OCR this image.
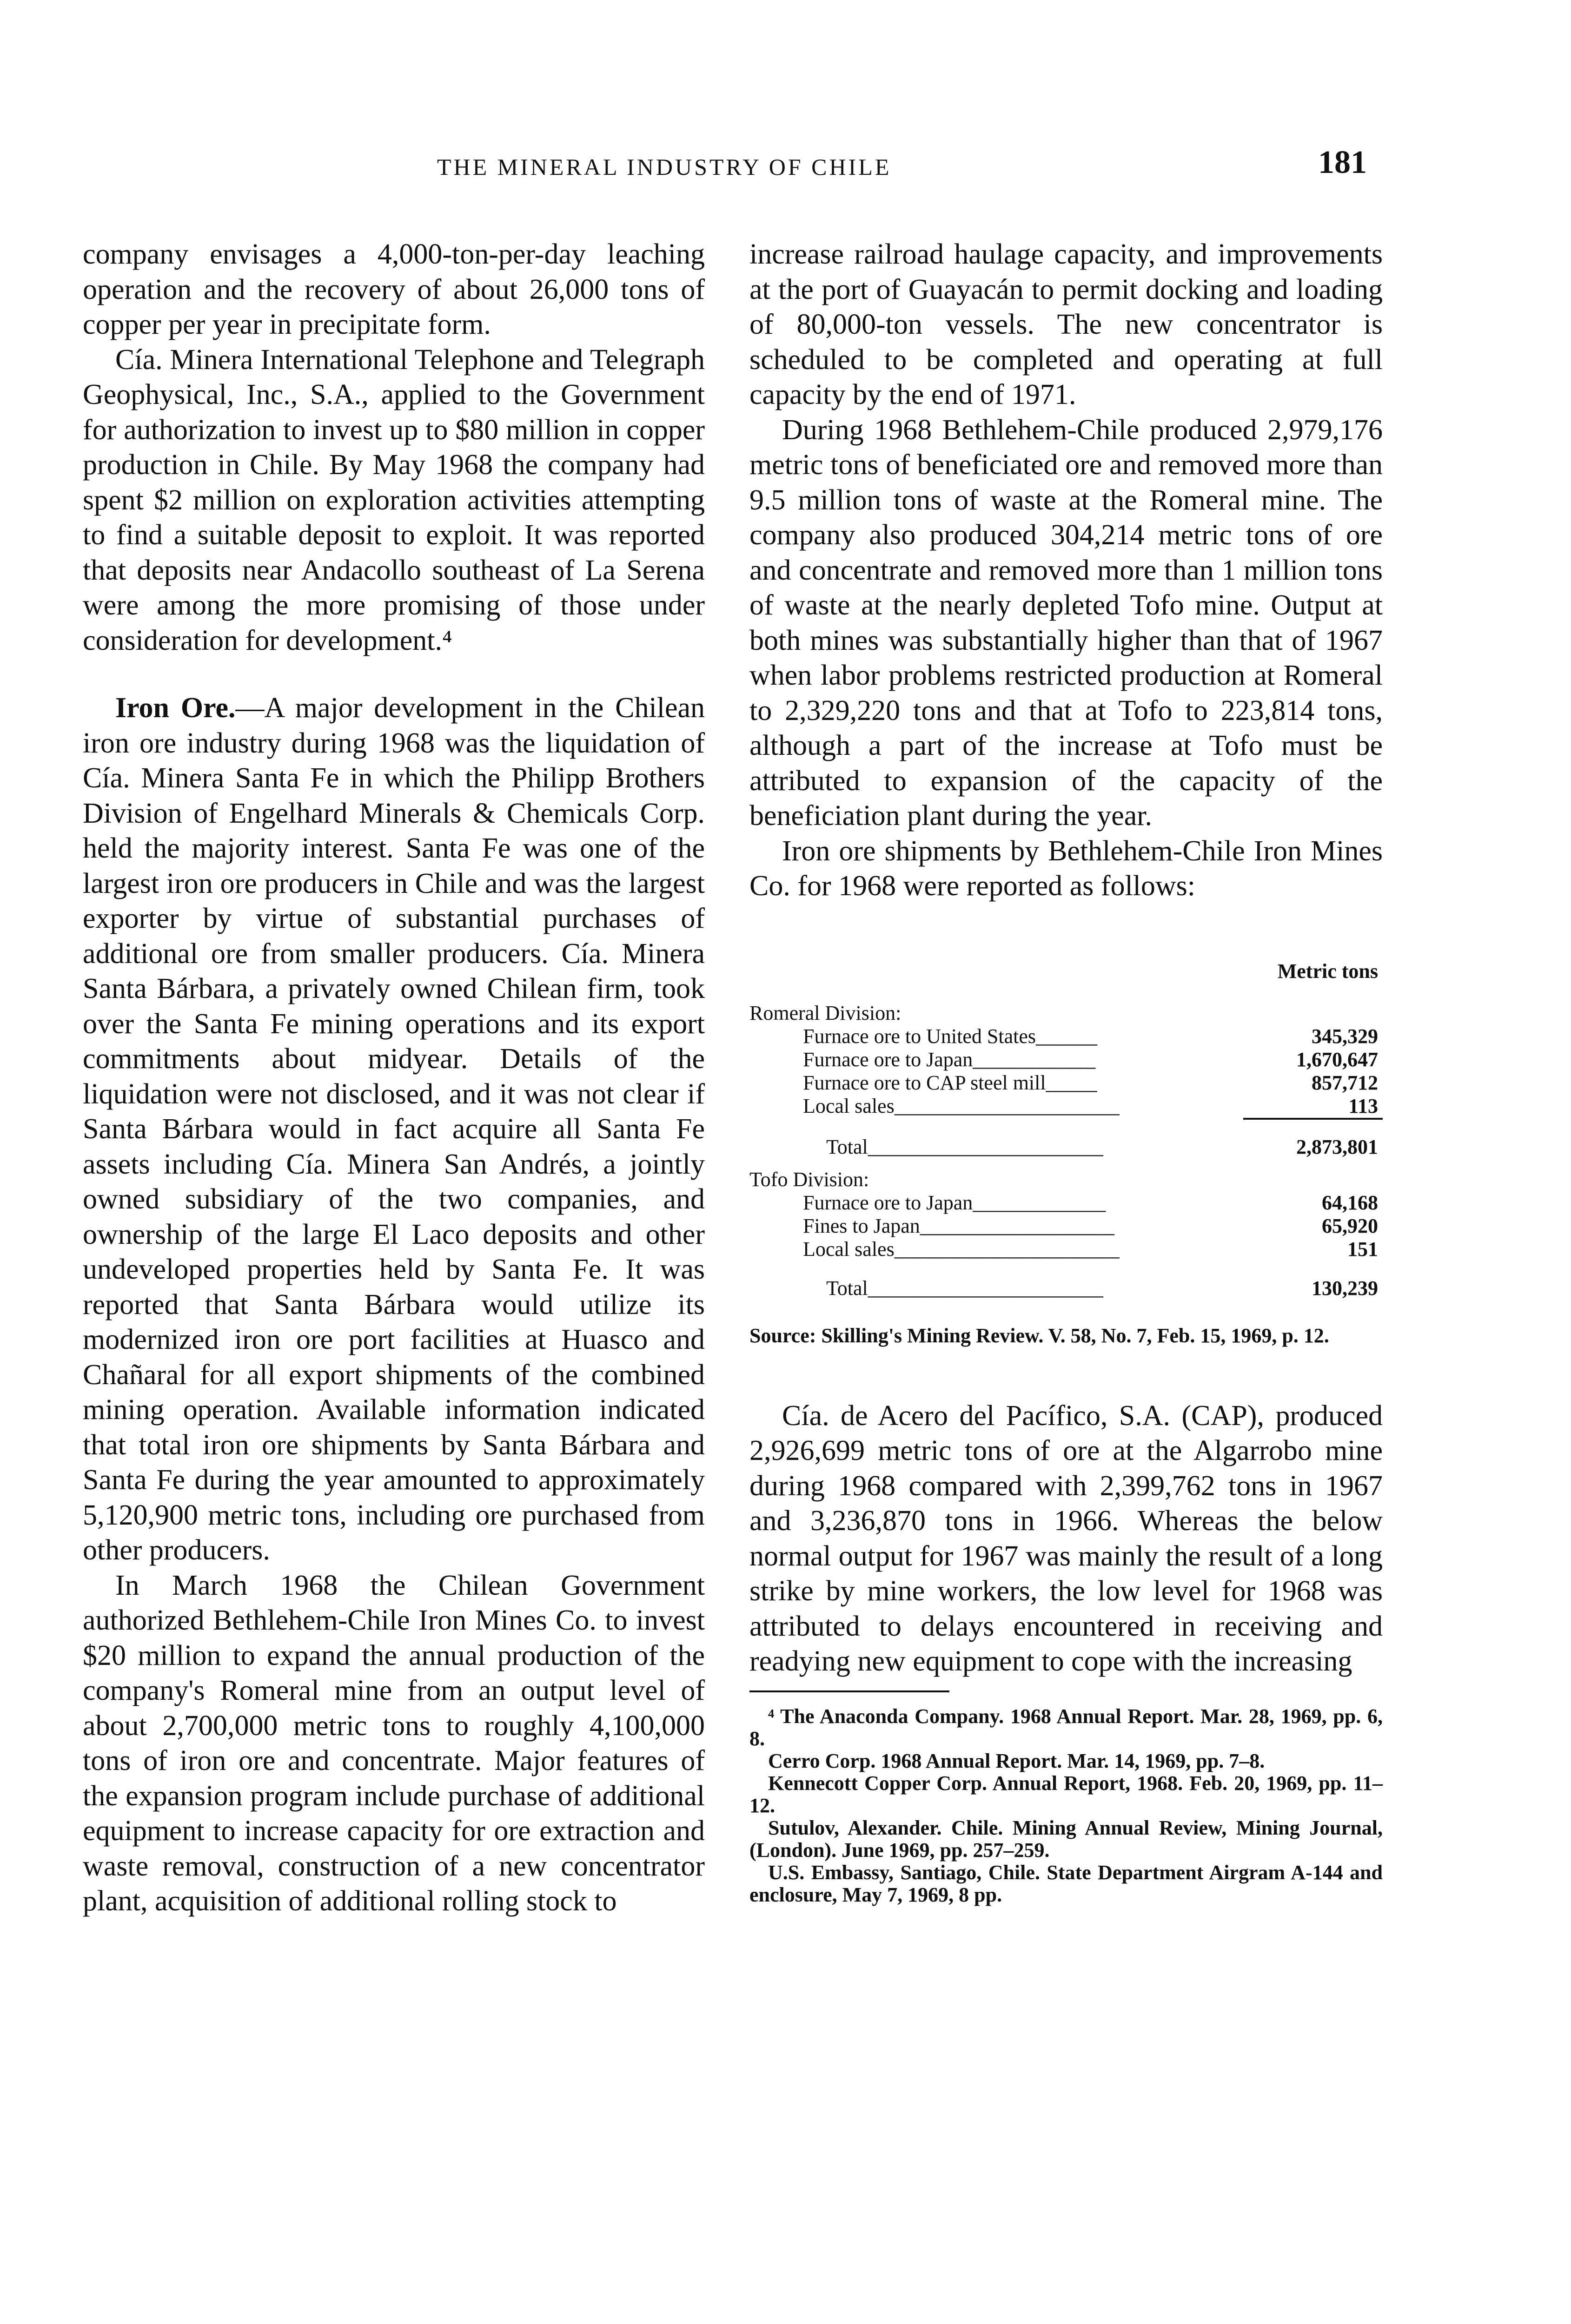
THE MINERAL INDUSTRY OF CHILE	181

company envisages a 4,000-ton-per-day leaching operation and the recovery of about 26,000 tons of copper per year in precipitate form.

Cía. Minera International Telephone and Telegraph Geophysical, Inc., S.A., applied to the Government for authorization to invest up to $80 million in copper production in Chile. By May 1968 the company had spent $2 million on exploration activities attempting to find a suitable deposit to exploit. It was reported that deposits near Andacollo southeast of La Serena were among the more promising of those under consideration for development.⁴

Iron Ore.—A major development in the Chilean iron ore industry during 1968 was the liquidation of Cía. Minera Santa Fe in which the Philipp Brothers Division of Engelhard Minerals & Chemicals Corp. held the majority interest. Santa Fe was one of the largest iron ore producers in Chile and was the largest exporter by virtue of substantial purchases of additional ore from smaller producers. Cía. Minera Santa Bárbara, a privately owned Chilean firm, took over the Santa Fe mining operations and its export commitments about midyear. Details of the liquidation were not disclosed, and it was not clear if Santa Bárbara would in fact acquire all Santa Fe assets including Cía. Minera San Andrés, a jointly owned subsidiary of the two companies, and ownership of the large El Laco deposits and other undeveloped properties held by Santa Fe. It was reported that Santa Bárbara would utilize its modernized iron ore port facilities at Huasco and Chañaral for all export shipments of the combined mining operation. Available information indicated that total iron ore shipments by Santa Bárbara and Santa Fe during the year amounted to approximately 5,120,900 metric tons, including ore purchased from other producers.

In March 1968 the Chilean Government authorized Bethlehem-Chile Iron Mines Co. to invest $20 million to expand the annual production of the company's Romeral mine from an output level of about 2,700,000 metric tons to roughly 4,100,000 tons of iron ore and concentrate. Major features of the expansion program include purchase of additional equipment to increase capacity for ore extraction and waste removal, construction of a new concentrator plant, acquisition of additional rolling stock to

increase railroad haulage capacity, and improvements at the port of Guayacán to permit docking and loading of 80,000-ton vessels. The new concentrator is scheduled to be completed and operating at full capacity by the end of 1971.

During 1968 Bethlehem-Chile produced 2,979,176 metric tons of beneficiated ore and removed more than 9.5 million tons of waste at the Romeral mine. The company also produced 304,214 metric tons of ore and concentrate and removed more than 1 million tons of waste at the nearly depleted Tofo mine. Output at both mines was substantially higher than that of 1967 when labor problems restricted production at Romeral to 2,329,220 tons and that at Tofo to 223,814 tons, although a part of the increase at Tofo must be attributed to expansion of the capacity of the beneficiation plant during the year.

Iron ore shipments by Bethlehem-Chile Iron Mines Co. for 1968 were reported as follows:

Metric tons
Romeral Division:
Furnace ore to United States______	345,329
Furnace ore to Japan____________	1,670,647
Furnace ore to CAP steel mill_____	857,712
Local sales______________________	113
Total_______________________	2,873,801
Tofo Division:
Furnace ore to Japan_____________	64,168
Fines to Japan___________________	65,920
Local sales______________________	151
Total_______________________	130,239
Source: Skilling's Mining Review. V. 58, No. 7, Feb. 15, 1969, p. 12.

Cía. de Acero del Pacífico, S.A. (CAP), produced 2,926,699 metric tons of ore at the Algarrobo mine during 1968 compared with 2,399,762 tons in 1967 and 3,236,870 tons in 1966. Whereas the below normal output for 1967 was mainly the result of a long strike by mine workers, the low level for 1968 was attributed to delays encountered in receiving and readying new equipment to cope with the increasing

⁴ The Anaconda Company. 1968 Annual Report. Mar. 28, 1969, pp. 6, 8.

Cerro Corp. 1968 Annual Report. Mar. 14, 1969, pp. 7–8.

Kennecott Copper Corp. Annual Report, 1968. Feb. 20, 1969, pp. 11–12.

Sutulov, Alexander. Chile. Mining Annual Review, Mining Journal, (London). June 1969, pp. 257–259.

U.S. Embassy, Santiago, Chile. State Department Airgram A-144 and enclosure, May 7, 1969, 8 pp.
